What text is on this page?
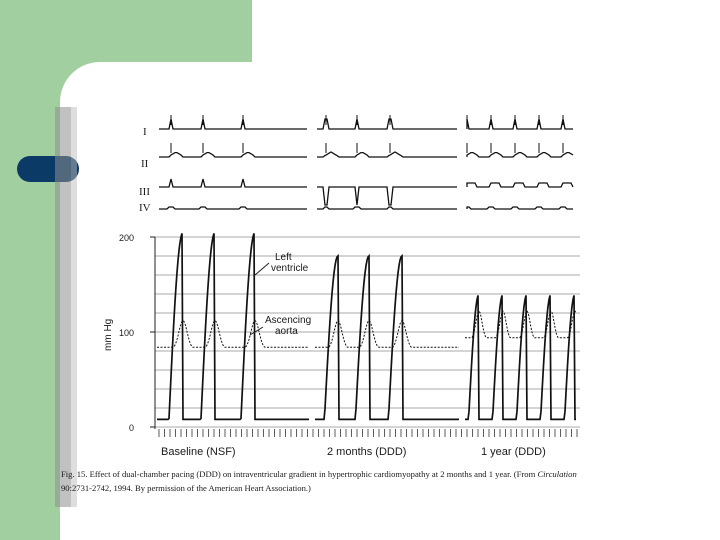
I
II
III
IV
200
100
0
mm Hg
Left
ventricle
Ascencing
aorta
Baseline (NSF)	2 months (DDD)	1 year (DDD)
Fig. 15. Effect of dual-chamber pacing (DDD) on intraventricular gradient in hypertrophic cardiomyopathy at 2 months and 1 year. (From Circulation
90:2731-2742, 1994. By permission of the American Heart Association.)
